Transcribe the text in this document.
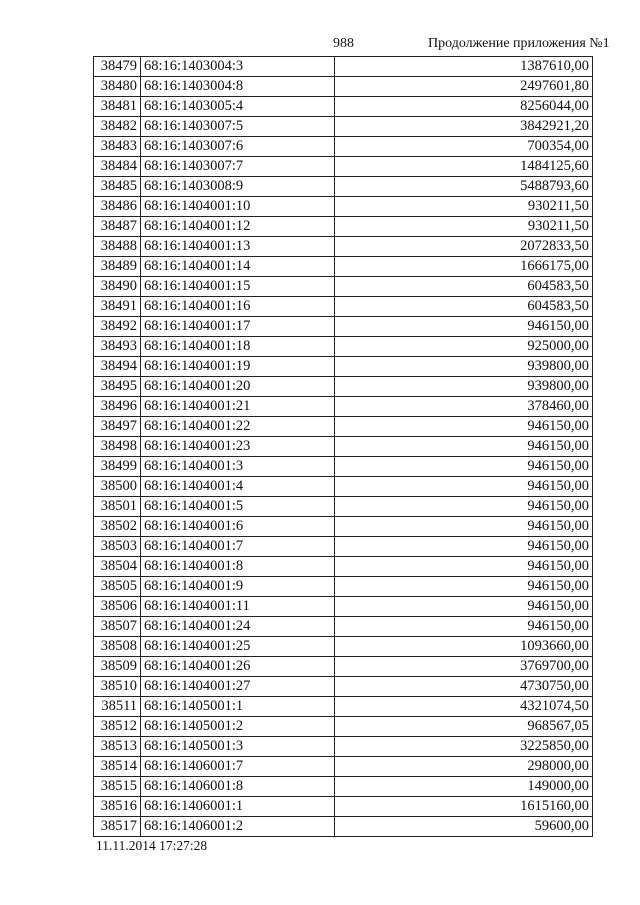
988	Продолжение приложения №1
38479	68:16:1403004:3	1387610,00
38480	68:16:1403004:8	2497601,80
38481	68:16:1403005:4	8256044,00
38482	68:16:1403007:5	3842921,20
38483	68:16:1403007:6	700354,00
38484	68:16:1403007:7	1484125,60
38485	68:16:1403008:9	5488793,60
38486	68:16:1404001:10	930211,50
38487	68:16:1404001:12	930211,50
38488	68:16:1404001:13	2072833,50
38489	68:16:1404001:14	1666175,00
38490	68:16:1404001:15	604583,50
38491	68:16:1404001:16	604583,50
38492	68:16:1404001:17	946150,00
38493	68:16:1404001:18	925000,00
38494	68:16:1404001:19	939800,00
38495	68:16:1404001:20	939800,00
38496	68:16:1404001:21	378460,00
38497	68:16:1404001:22	946150,00
38498	68:16:1404001:23	946150,00
38499	68:16:1404001:3	946150,00
38500	68:16:1404001:4	946150,00
38501	68:16:1404001:5	946150,00
38502	68:16:1404001:6	946150,00
38503	68:16:1404001:7	946150,00
38504	68:16:1404001:8	946150,00
38505	68:16:1404001:9	946150,00
38506	68:16:1404001:11	946150,00
38507	68:16:1404001:24	946150,00
38508	68:16:1404001:25	1093660,00
38509	68:16:1404001:26	3769700,00
38510	68:16:1404001:27	4730750,00
38511	68:16:1405001:1	4321074,50
38512	68:16:1405001:2	968567,05
38513	68:16:1405001:3	3225850,00
38514	68:16:1406001:7	298000,00
38515	68:16:1406001:8	149000,00
38516	68:16:1406001:1	1615160,00
38517	68:16:1406001:2	59600,00
11.11.2014 17:27:28
